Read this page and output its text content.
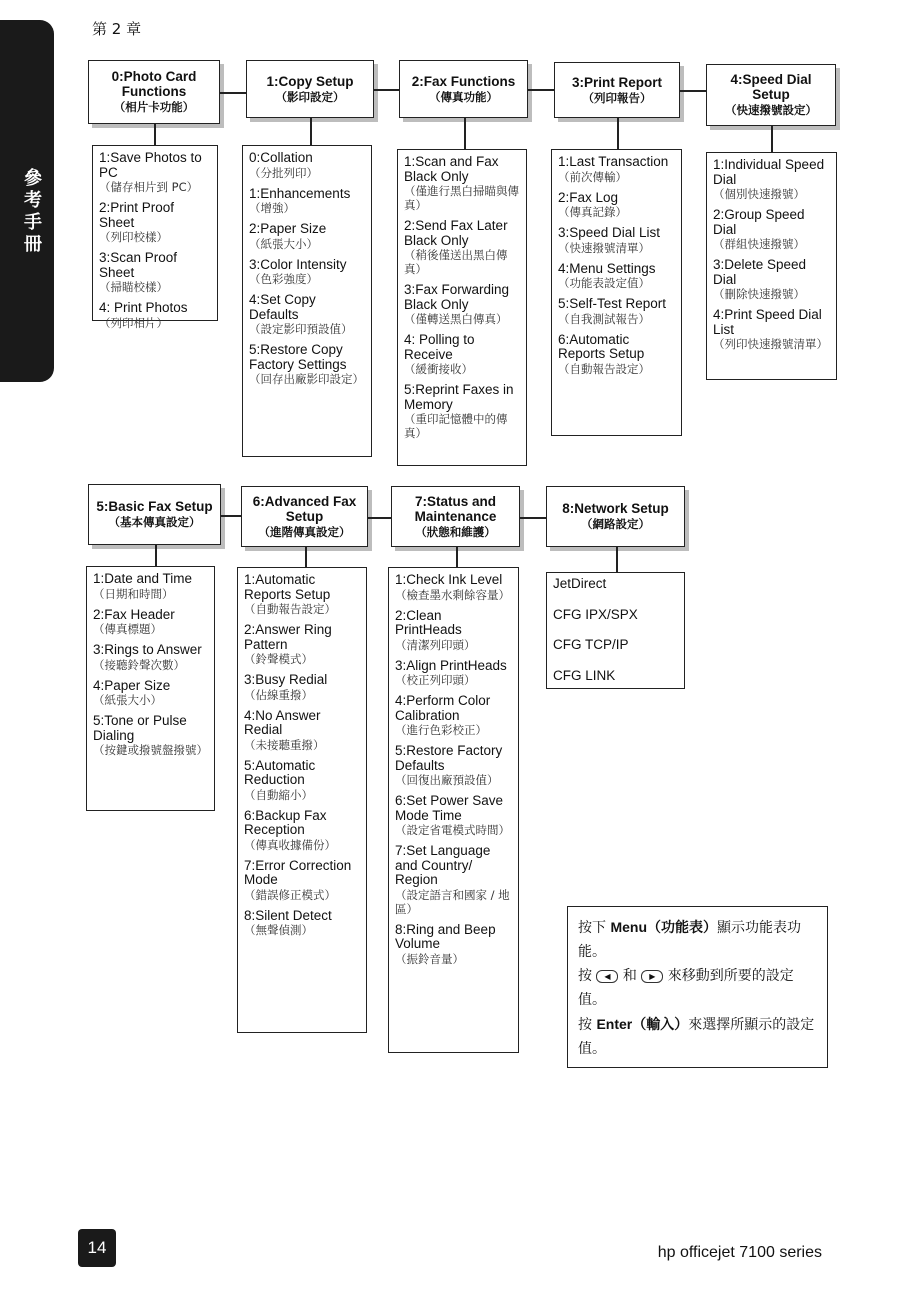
第 2 章
參考手冊
0:Photo Card Functions
（相片卡功能）
1:Save Photos to PC
（儲存相片到 PC）
2:Print Proof Sheet
（列印校樣）
3:Scan Proof Sheet
（掃瞄校樣）
4: Print Photos
（列印相片）
1:Copy Setup
（影印設定）
0:Collation
（分批列印）
1:Enhancements
（增強）
2:Paper Size
（紙張大小）
3:Color Intensity
（色彩強度）
4:Set Copy Defaults
（設定影印預設值）
5:Restore Copy Factory Settings
（回存出廠影印設定）
2:Fax Functions
（傳真功能）
1:Scan and Fax Black Only
（僅進行黑白掃瞄與傳真）
2:Send Fax Later Black Only
（稍後僅送出黑白傳真）
3:Fax Forwarding Black Only
（僅轉送黑白傳真）
4: Polling to Receive
（緩衝接收）
5:Reprint Faxes in Memory
（重印記憶體中的傳真）
3:Print Report
（列印報告）
1:Last Transaction
（前次傳輸）
2:Fax Log
（傳真記錄）
3:Speed Dial List
（快速撥號清單）
4:Menu Settings
（功能表設定值）
5:Self-Test Report
（自我測試報告）
6:Automatic Reports Setup
（自動報告設定）
4:Speed Dial Setup
（快速撥號設定）
1:Individual Speed Dial
（個別快速撥號）
2:Group Speed Dial
（群組快速撥號）
3:Delete Speed Dial
（刪除快速撥號）
4:Print Speed Dial List
（列印快速撥號清單）
5:Basic Fax Setup
（基本傳真設定）
1:Date and Time
（日期和時間）
2:Fax Header
（傳真標題）
3:Rings to Answer
（接聽鈴聲次數）
4:Paper Size
（紙張大小）
5:Tone or Pulse Dialing
（按鍵或撥號盤撥號）
6:Advanced Fax Setup
（進階傳真設定）
1:Automatic Reports Setup
（自動報告設定）
2:Answer Ring Pattern
（鈴聲模式）
3:Busy Redial
（佔線重撥）
4:No Answer Redial
（未接聽重撥）
5:Automatic Reduction
（自動縮小）
6:Backup Fax Reception
（傳真收據備份）
7:Error Correction Mode
（錯誤修正模式）
8:Silent Detect
（無聲偵測）
7:Status and Maintenance
（狀態和維護）
1:Check Ink Level
（檢查墨水剩餘容量）
2:Clean PrintHeads
（清潔列印頭）
3:Align PrintHeads
（校正列印頭）
4:Perform Color Calibration
（進行色彩校正）
5:Restore Factory Defaults
（回復出廠預設值）
6:Set Power Save Mode Time
（設定省電模式時間）
7:Set Language and Country/ Region
（設定語言和國家 / 地區）
8:Ring and Beep Volume
（振鈴音量）
8:Network Setup
（網路設定）
JetDirect
CFG IPX/SPX
CFG TCP/IP
CFG LINK
按下 Menu（功能表）顯示功能表功能。
按 ◀ 和 ▶ 來移動到所要的設定值。
按 Enter（輸入）來選擇所顯示的設定值。
14	hp officejet 7100 series
